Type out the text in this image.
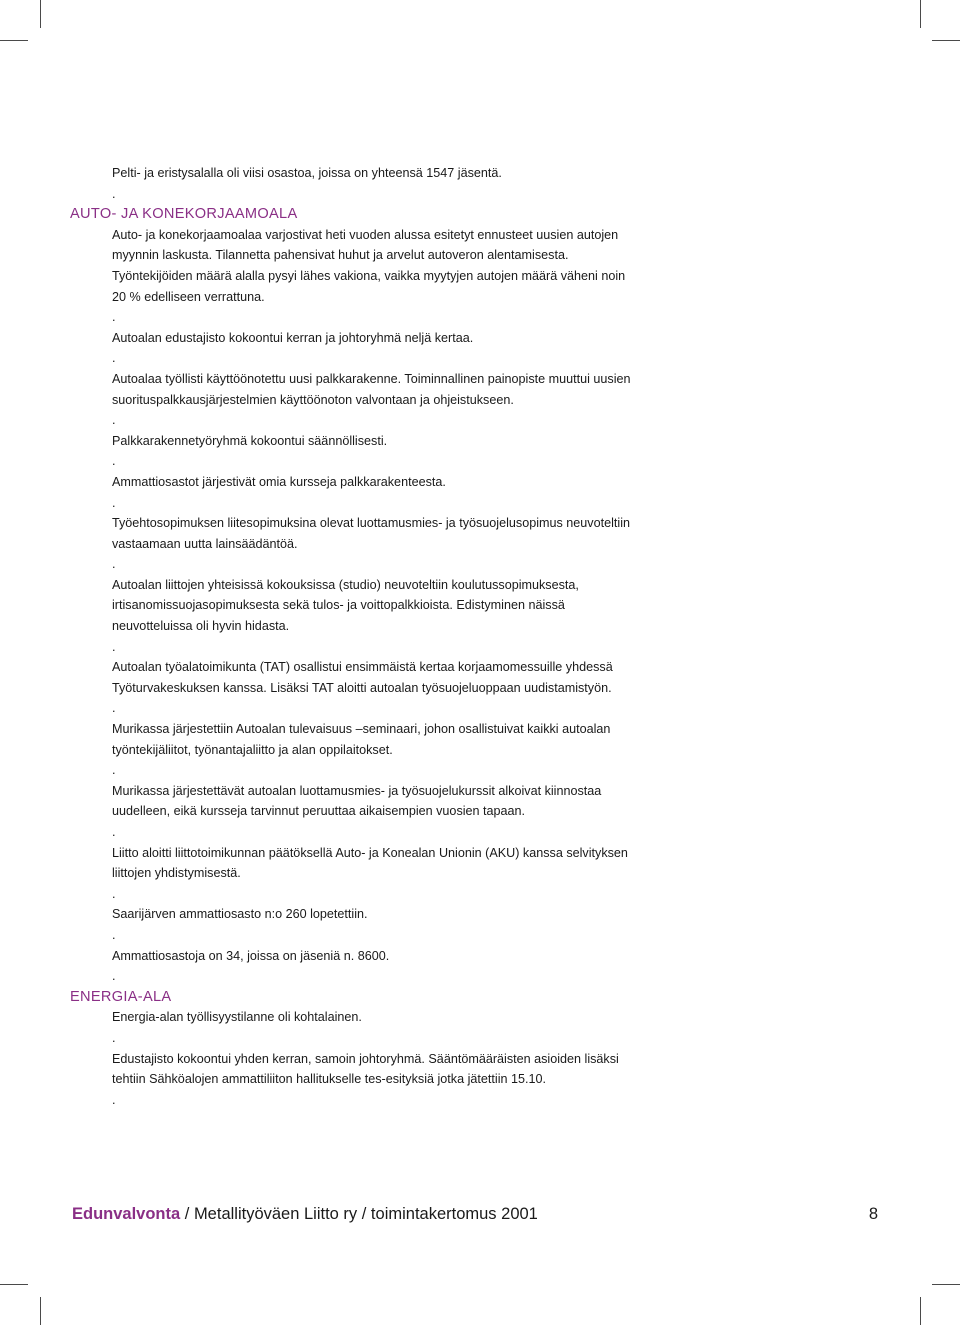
Pelti- ja eristysalalla oli viisi osastoa, joissa on yhteensä 1547 jäsentä.

.

AUTO- JA KONEKORJAAMOALA

Auto- ja konekorjaamoalaa varjostivat heti vuoden alussa esitetyt ennusteet uusien autojen myynnin laskusta. Tilannetta pahensivat huhut ja arvelut autoveron alentamisesta. Työntekijöiden määrä alalla pysyi lähes vakiona, vaikka myytyjen autojen määrä väheni noin 20 % edelliseen verrattuna.

.

Autoalan edustajisto kokoontui kerran ja johtoryhmä neljä kertaa.

.

Autoalaa työllisti käyttöönotettu uusi palkkarakenne. Toiminnallinen painopiste muuttui uusien suorituspalkkausjärjestelmien käyttöönoton valvontaan ja ohjeistukseen.

.

Palkkarakennetyöryhmä kokoontui säännöllisesti.

.

Ammattiosastot järjestivät omia kursseja palkkarakenteesta.

.

Työehtosopimuksen liitesopimuksina olevat luottamusmies- ja työsuojelusopimus neuvoteltiin vastaamaan uutta lainsäädäntöä.

.

Autoalan liittojen yhteisissä kokouksissa (studio) neuvoteltiin koulutussopimuksesta, irtisanomissuojasopimuksesta sekä tulos- ja voittopalkkioista. Edistyminen näissä neuvotteluissa oli hyvin hidasta.

.

Autoalan työalatoimikunta (TAT) osallistui ensimmäistä kertaa korjaamomessuille yhdessä Työturvakeskuksen kanssa. Lisäksi TAT aloitti autoalan työsuojeluoppaan uudistamistyön.

.

Murikassa järjestettiin Autoalan tulevaisuus –seminaari, johon osallistuivat kaikki autoalan työntekijäliitot, työnantajaliitto ja alan oppilaitokset.

.

Murikassa järjestettävät autoalan luottamusmies- ja työsuojelukurssit alkoivat kiinnostaa uudelleen, eikä kursseja tarvinnut peruuttaa aikaisempien vuosien tapaan.

.

Liitto aloitti liittotoimikunnan päätöksellä Auto- ja Konealan Unionin (AKU) kanssa selvityksen liittojen yhdistymisestä.

.

Saarijärven ammattiosasto n:o 260 lopetettiin.

.

Ammattiosastoja on 34, joissa on jäseniä n. 8600.

.

ENERGIA-ALA

Energia-alan työllisyystilanne oli kohtalainen.

.

Edustajisto kokoontui yhden kerran, samoin johtoryhmä. Sääntömääräisten asioiden lisäksi tehtiin Sähköalojen ammattiliiton hallitukselle tes-esityksiä jotka jätettiin 15.10.

.

Edunvalvonta / Metallityöväen Liitto ry / toimintakertomus 2001	8
